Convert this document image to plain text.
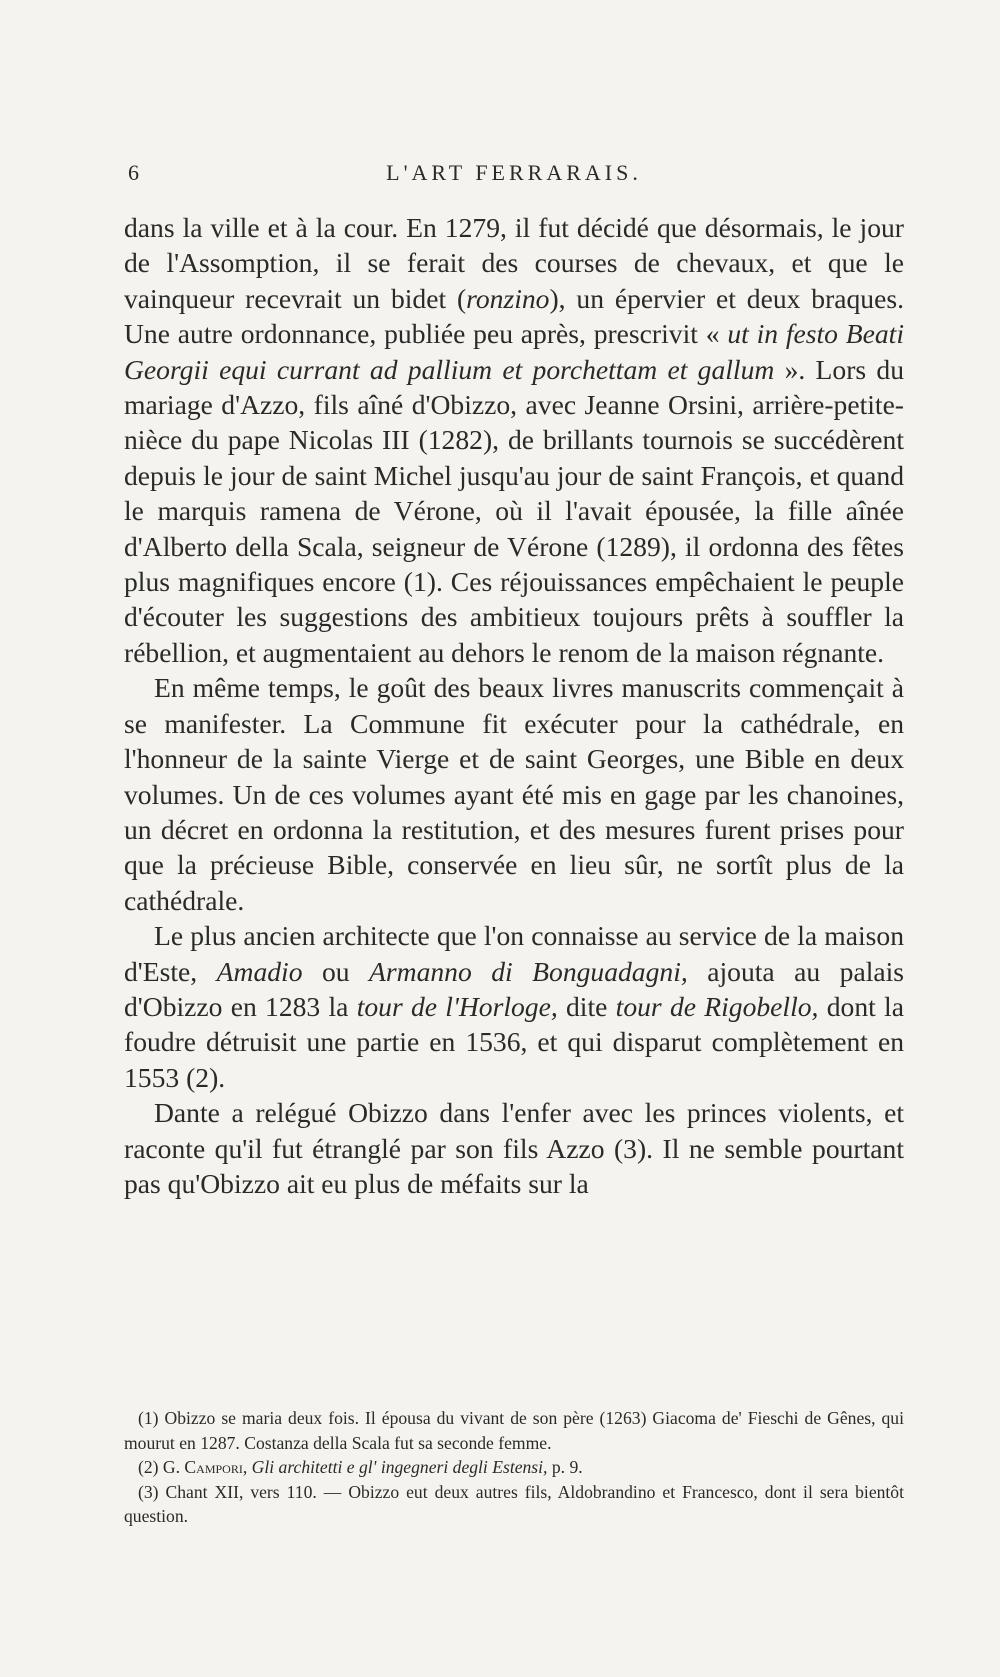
6	L'ART FERRARAIS.

dans la ville et à la cour. En 1279, il fut décidé que désormais, le jour de l'Assomption, il se ferait des courses de chevaux, et que le vainqueur recevrait un bidet (ronzino), un épervier et deux braques. Une autre ordonnance, publiée peu après, prescrivit « ut in festo Beati Georgii equi currant ad pallium et porchettam et gallum ». Lors du mariage d'Azzo, fils aîné d'Obizzo, avec Jeanne Orsini, arrière-petite-nièce du pape Nicolas III (1282), de brillants tournois se succédèrent depuis le jour de saint Michel jusqu'au jour de saint François, et quand le marquis ramena de Vérone, où il l'avait épousée, la fille aînée d'Alberto della Scala, seigneur de Vérone (1289), il ordonna des fêtes plus magnifiques encore (1). Ces réjouissances empêchaient le peuple d'écouter les suggestions des ambitieux toujours prêts à souffler la rébellion, et augmentaient au dehors le renom de la maison régnante.

En même temps, le goût des beaux livres manuscrits commençait à se manifester. La Commune fit exécuter pour la cathédrale, en l'honneur de la sainte Vierge et de saint Georges, une Bible en deux volumes. Un de ces volumes ayant été mis en gage par les chanoines, un décret en ordonna la restitution, et des mesures furent prises pour que la précieuse Bible, conservée en lieu sûr, ne sortît plus de la cathédrale.

Le plus ancien architecte que l'on connaisse au service de la maison d'Este, Amadio ou Armanno di Bonguadagni, ajouta au palais d'Obizzo en 1283 la tour de l'Horloge, dite tour de Rigobello, dont la foudre détruisit une partie en 1536, et qui disparut complètement en 1553 (2).

Dante a relégué Obizzo dans l'enfer avec les princes violents, et raconte qu'il fut étranglé par son fils Azzo (3). Il ne semble pourtant pas qu'Obizzo ait eu plus de méfaits sur la

(1) Obizzo se maria deux fois. Il épousa du vivant de son père (1263) Giacoma de' Fieschi de Gênes, qui mourut en 1287. Costanza della Scala fut sa seconde femme.

(2) G. Campori, Gli architetti e gl' ingegneri degli Estensi, p. 9.

(3) Chant XII, vers 110. — Obizzo eut deux autres fils, Aldobrandino et Francesco, dont il sera bientôt question.
